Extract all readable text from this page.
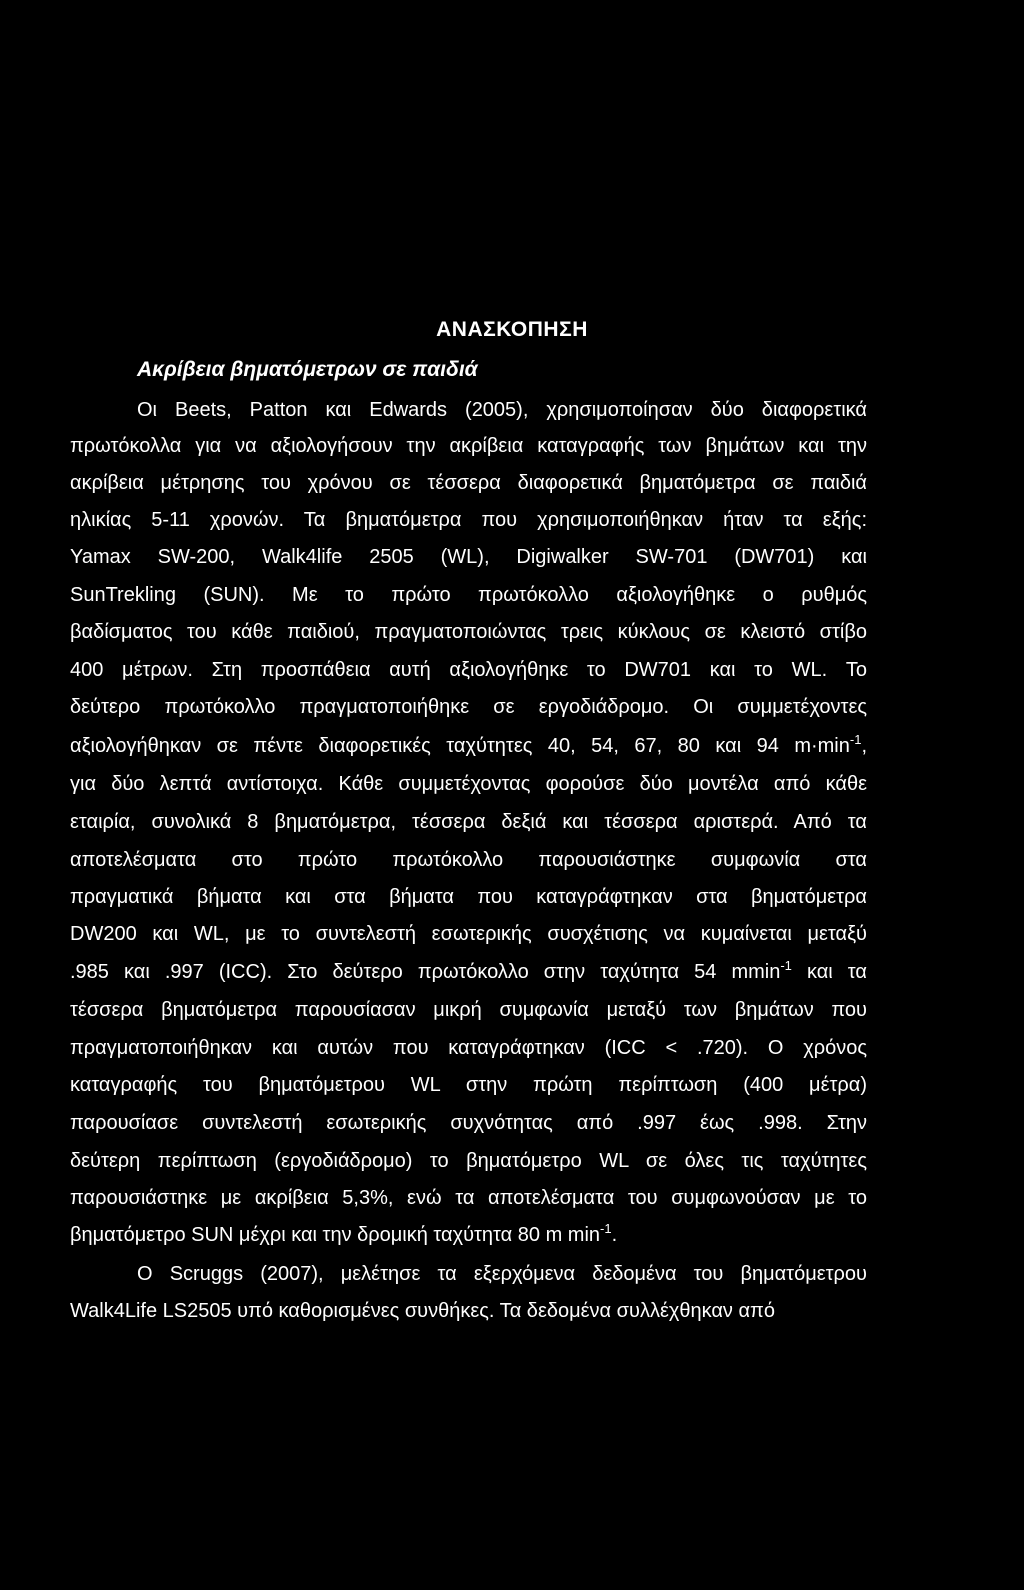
ΑΝΑΣΚΟΠΗΣΗ
Ακρίβεια βηματόμετρων σε παιδιά
Οι Beets, Patton και Edwards (2005), χρησιμοποίησαν δύο διαφορετικά
πρωτόκολλα για να αξιολογήσουν την ακρίβεια καταγραφής των βημάτων και την
ακρίβεια μέτρησης του χρόνου σε τέσσερα διαφορετικά βηματόμετρα σε παιδιά
ηλικίας 5-11 χρονών. Τα βηματόμετρα που χρησιμοποιήθηκαν ήταν τα εξής:
Yamax SW-200, Walk4life 2505 (WL), Digiwalker SW-701 (DW701) και
SunTrekling (SUN). Με το πρώτο πρωτόκολλο αξιολογήθηκε ο ρυθμός
βαδίσματος του κάθε παιδιού, πραγματοποιώντας τρεις κύκλους σε κλειστό στίβο
400 μέτρων. Στη προσπάθεια αυτή αξιολογήθηκε το DW701 και το WL. Το
δεύτερο πρωτόκολλο πραγματοποιήθηκε σε εργοδιάδρομο. Οι συμμετέχοντες
αξιολογήθηκαν σε πέντε διαφορετικές ταχύτητες 40, 54, 67, 80 και 94 $m\cdot\min^{-1}$,
για δύο λεπτά αντίστοιχα. Κάθε συμμετέχοντας φορούσε δύο μοντέλα από κάθε
εταιρία, συνολικά 8 βηματόμετρα, τέσσερα δεξιά και τέσσερα αριστερά. Από τα
αποτελέσματα στο πρώτο πρωτόκολλο παρουσιάστηκε συμφωνία στα
πραγματικά βήματα και στα βήματα που καταγράφτηκαν στα βηματόμετρα
DW200 και WL, με το συντελεστή εσωτερικής συσχέτισης να κυμαίνεται μεταξύ
.985 και .997 (ICC). Στο δεύτερο πρωτόκολλο στην ταχύτητα 54 mmin$^{-1}$ και τα
τέσσερα βηματόμετρα παρουσίασαν μικρή συμφωνία μεταξύ των βημάτων που
πραγματοποιήθηκαν και αυτών που καταγράφτηκαν (ICC < .720). Ο χρόνος
καταγραφής του βηματόμετρου WL στην πρώτη περίπτωση (400 μέτρα)
παρουσίασε συντελεστή εσωτερικής συχνότητας από .997 έως .998. Στην
δεύτερη περίπτωση (εργοδιάδρομο) το βηματόμετρο WL σε όλες τις ταχύτητες
παρουσιάστηκε με ακρίβεια 5,3%, ενώ τα αποτελέσματα του συμφωνούσαν με το
βηματόμετρο SUN μέχρι και την δρομική ταχύτητα 80 m $\min^{-1}$.
Ο Scruggs (2007), μελέτησε τα εξερχόμενα δεδομένα του βηματόμετρου
Walk4Life LS2505 υπό καθορισμένες συνθήκες. Τα δεδομένα συλλέχθηκαν από
